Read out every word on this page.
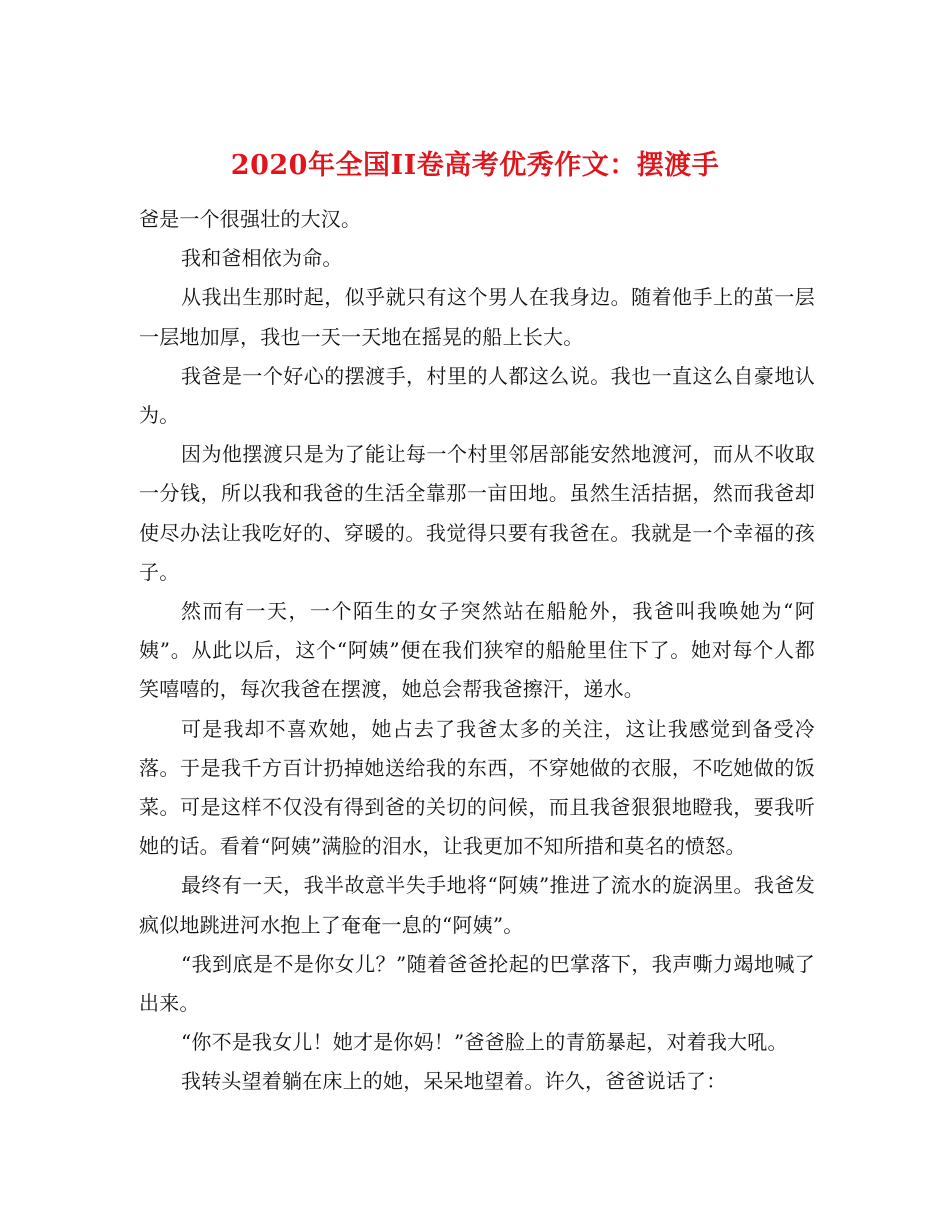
2020年全国II卷高考优秀作文：摆渡手

爸是一个很强壮的大汉。

我和爸相依为命。

从我出生那时起，似乎就只有这个男人在我身边。随着他手上的茧一层一层地加厚，我也一天一天地在摇晃的船上长大。

我爸是一个好心的摆渡手，村里的人都这么说。我也一直这么自豪地认为。

因为他摆渡只是为了能让每一个村里邻居部能安然地渡河，而从不收取一分钱，所以我和我爸的生活全靠那一亩田地。虽然生活拮据，然而我爸却使尽办法让我吃好的、穿暖的。我觉得只要有我爸在。我就是一个幸福的孩子。

然而有一天，一个陌生的女子突然站在船舱外，我爸叫我唤她为“阿姨”。从此以后，这个“阿姨”便在我们狭窄的船舱里住下了。她对每个人都笑嘻嘻的，每次我爸在摆渡，她总会帮我爸擦汗，递水。

可是我却不喜欢她，她占去了我爸太多的关注，这让我感觉到备受冷落。于是我千方百计扔掉她送给我的东西，不穿她做的衣服，不吃她做的饭菜。可是这样不仅没有得到爸的关切的问候，而且我爸狠狠地瞪我，要我听她的话。看着“阿姨”满脸的泪水，让我更加不知所措和莫名的愤怒。

最终有一天，我半故意半失手地将“阿姨”推进了流水的旋涡里。我爸发疯似地跳进河水抱上了奄奄一息的“阿姨”。

“我到底是不是你女儿？”随着爸爸抡起的巴掌落下，我声嘶力竭地喊了出来。

“你不是我女儿！她才是你妈！”爸爸脸上的青筋暴起，对着我大吼。

我转头望着躺在床上的她，呆呆地望着。许久，爸爸说话了：
